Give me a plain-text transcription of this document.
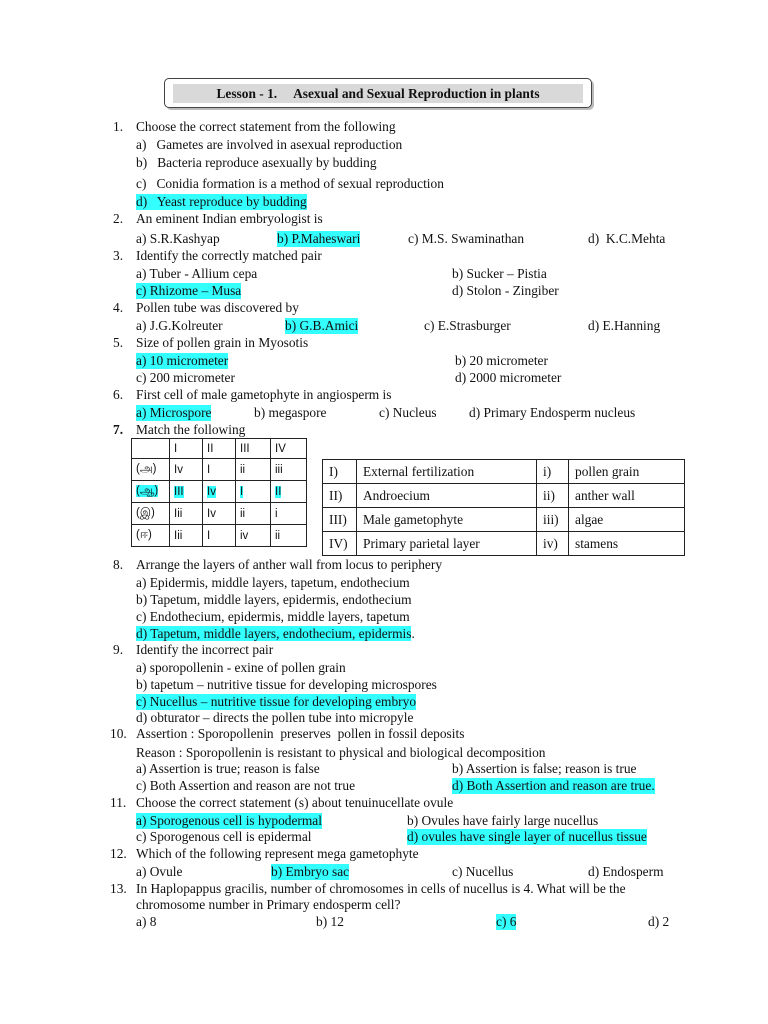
Lesson - 1.     Asexual and Sexual Reproduction in plants
1. Choose the correct statement from the following
a)   Gametes are involved in asexual reproduction
b)   Bacteria reproduce asexually by budding
c)   Conidia formation is a method of sexual reproduction
d)   Yeast reproduce by budding
2. An eminent Indian embryologist is
a) S.R.Kashyap	b) P.Maheswari	c) M.S. Swaminathan	d)  K.C.Mehta
3. Identify the correctly matched pair
a) Tuber - Allium cepa	b) Sucker – Pistia
c) Rhizome – Musa	d) Stolon - Zingiber
4. Pollen tube was discovered by
a) J.G.Kolreuter	b) G.B.Amici	c) E.Strasburger	d) E.Hanning
5. Size of pollen grain in Myosotis
a) 10 micrometer	b) 20 micrometer
c) 200 micrometer	d) 2000 micrometer
6. First cell of male gametophyte in angiosperm is
a) Microspore	b) megaspore	c) Nucleus d) Primary Endosperm nucleus
7. Match the following
	I	II	III	IV
(அ)	Iv	I	ii	iii
(ஆ)	III	Iv	I	II
(இ)	Iii	Iv	ii	i
(ஈ)	Iii	I	iv	ii
I)	External fertilization	i)	pollen grain
II)	Androecium	ii)	anther wall
III)	Male gametophyte	iii)	algae
IV)	Primary parietal layer	iv)	stamens
8. Arrange the layers of anther wall from locus to periphery
a) Epidermis, middle layers, tapetum, endothecium
b) Tapetum, middle layers, epidermis, endothecium
c) Endothecium, epidermis, middle layers, tapetum
d) Tapetum, middle layers, endothecium, epidermis.
9. Identify the incorrect pair
a) sporopollenin - exine of pollen grain
b) tapetum – nutritive tissue for developing microspores
c) Nucellus – nutritive tissue for developing embryo
d) obturator – directs the pollen tube into micropyle
10. Assertion : Sporopollenin  preserves  pollen in fossil deposits
Reason : Sporopollenin is resistant to physical and biological decomposition
a) Assertion is true; reason is false	b) Assertion is false; reason is true
c) Both Assertion and reason are not true	d) Both Assertion and reason are true.
11. Choose the correct statement (s) about tenuinucellate ovule
a) Sporogenous cell is hypodermal	b) Ovules have fairly large nucellus
c) Sporogenous cell is epidermal	d) ovules have single layer of nucellus tissue
12. Which of the following represent mega gametophyte
a) Ovule	b) Embryo sac	c) Nucellus	d) Endosperm
13. In Haplopappus gracilis, number of chromosomes in cells of nucellus is 4. What will be the
chromosome number in Primary endosperm cell?
a) 8	b) 12	c) 6	d) 2
